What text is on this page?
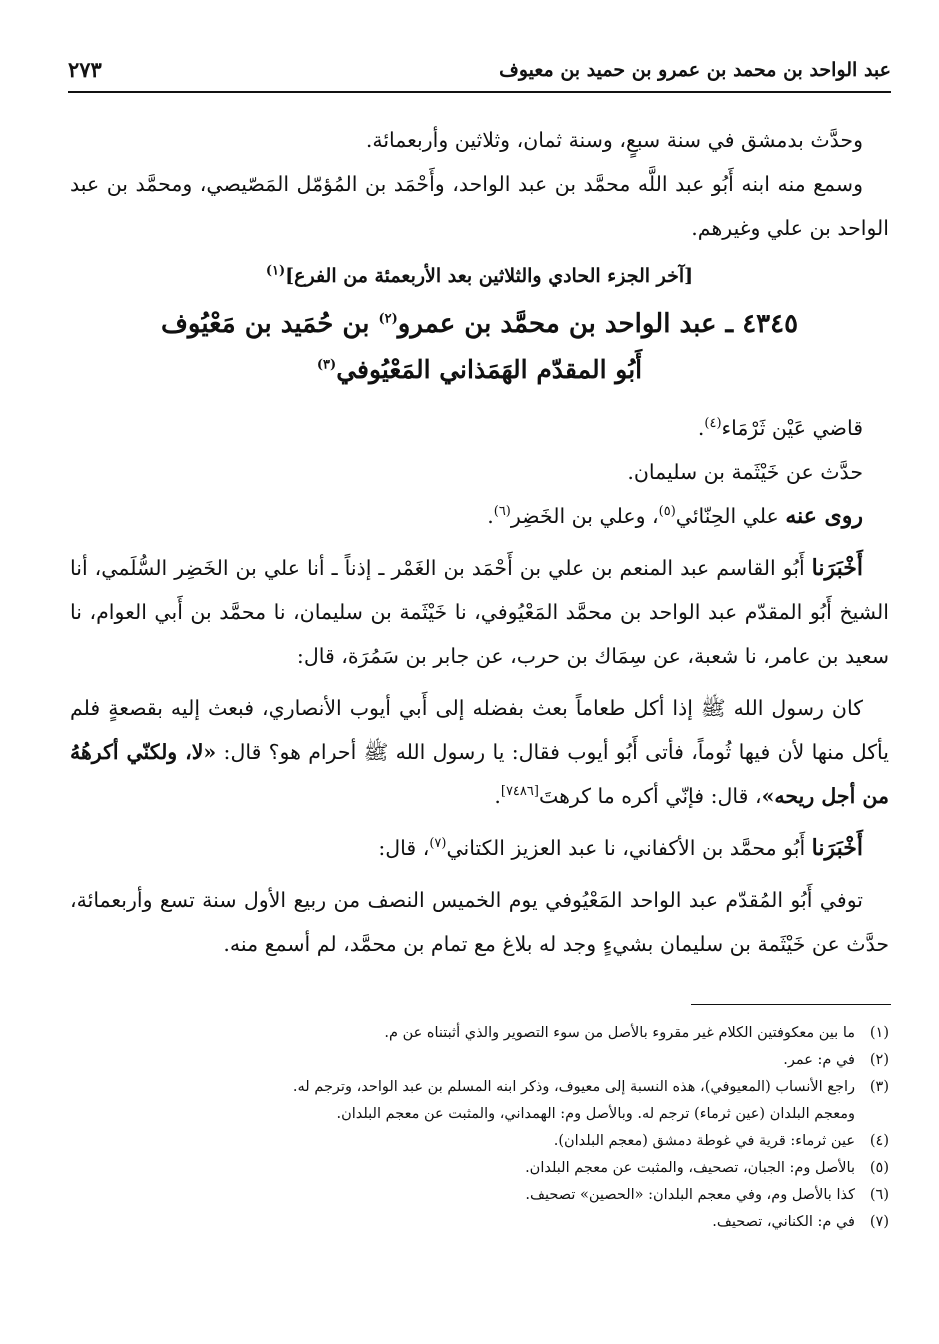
عبد الواحد بن محمد بن عمرو بن حميد بن معيوف
٢٧٣

وحدَّث بدمشق في سنة سبعٍ، وسنة ثمان، وثلاثين وأربعمائة.

وسمع منه ابنه أَبُو عبد اللَّه محمَّد بن عبد الواحد، وأَحْمَد بن المُؤمّل المَصّيصي، ومحمَّد بن عبد الواحد بن علي وغيرهم.

[آخر الجزء الحادي والثلاثين بعد الأربعمئة من الفرع]$^{(١)}$

٤٣٤٥ ـ عبد الواحد بن محمَّد بن عمرو$^{(٢)}$ بن حُمَيد بن مَعْيُوف

أَبُو المقدّم الهَمَذاني المَعْيُوفي$^{(٣)}$

قاضي عَيْن ثَرْمَاء$^{(٤)}$.

حدَّث عن خَيْثَمة بن سليمان.

روى عنه علي الحِنّائي$^{(٥)}$، وعلي بن الخَضِر$^{(٦)}$.

أَخْبَرَنا أَبُو القاسم عبد المنعم بن علي بن أَحْمَد بن الغَمْر ـ إذناً ـ أنا علي بن الخَضِر السُّلَمي، أنا الشيخ أَبُو المقدّم عبد الواحد بن محمَّد المَعْيُوفي، نا خَيْثَمة بن سليمان، نا محمَّد بن أَبي العوام، نا سعيد بن عامر، نا شعبة، عن سِمَاك بن حرب، عن جابر بن سَمُرَة، قال:

كان رسول الله ﷺ إذا أكل طعاماً بعث بفضله إلى أَبي أيوب الأنصاري، فبعث إليه بقصعةٍ فلم يأكل منها لأن فيها ثُوماً، فأتى أَبُو أيوب فقال: يا رسول الله ﷺ أحرام هو؟ قال: «لا، ولكنّي أكرهُهُ من أجل ريحه»، قال: فإنّي أكره ما كرهتَ[٧٤٨٦].

أَخْبَرَنا أَبُو محمَّد بن الأكفاني، نا عبد العزيز الكتاني$^{(٧)}$، قال:

توفي أَبُو المُقدّم عبد الواحد المَعْيُوفي يوم الخميس النصف من ربيع الأول سنة تسع وأربعمائة، حدَّث عن خَيْثَمة بن سليمان بشيءٍ وجد له بلاغ مع تمام بن محمَّد، لم أسمع منه.

(١)
ما بين معكوفتين الكلام غير مقروء بالأصل من سوء التصوير والذي أثبتناه عن م.
(٢)
في م: عمر.
(٣)
راجع الأنساب (المعيوفي)، هذه النسبة إلى معيوف، وذكر ابنه المسلم بن عبد الواحد، وترجم له.
ومعجم البلدان (عين ثرماء) ترجم له. وبالأصل وم: الهمداني، والمثبت عن معجم البلدان.
(٤)
عين ثرماء: قرية في غوطة دمشق (معجم البلدان).
(٥)
بالأصل وم: الجبان، تصحيف، والمثبت عن معجم البلدان.
(٦)
كذا بالأصل وم، وفي معجم البلدان: «الحصين» تصحيف.
(٧)
في م: الكناني، تصحيف.
